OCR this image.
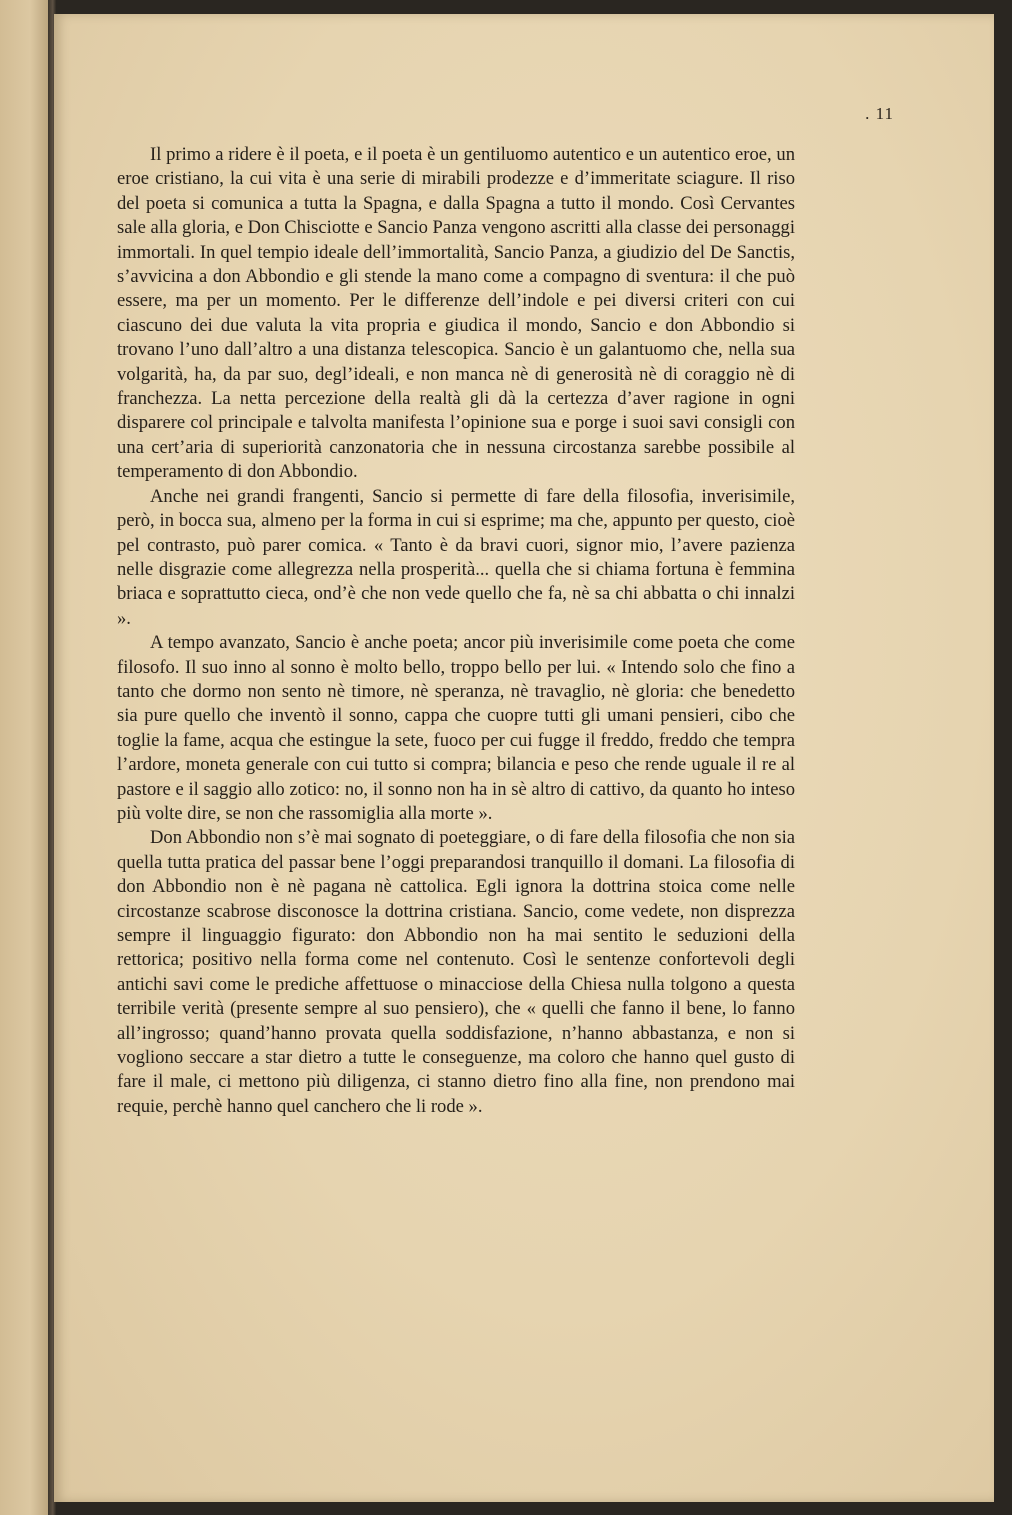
. 11

Il primo a ridere è il poeta, e il poeta è un gentiluomo autentico e un autentico eroe, un eroe cristiano, la cui vita è una serie di mirabili prodezze e d’immeritate sciagure. Il riso del poeta si comunica a tutta la Spagna, e dalla Spagna a tutto il mondo. Così Cervantes sale alla gloria, e Don Chisciotte e Sancio Panza vengono ascritti alla classe dei personaggi immortali. In quel tempio ideale dell’immortalità, Sancio Panza, a giudizio del De Sanctis, s’avvicina a don Abbondio e gli stende la mano come a compagno di sventura: il che può essere, ma per un momento. Per le differenze dell’indole e pei diversi criteri con cui ciascuno dei due valuta la vita propria e giudica il mondo, Sancio e don Abbondio si trovano l’uno dall’altro a una distanza telescopica. Sancio è un galantuomo che, nella sua volgarità, ha, da par suo, degl’ideali, e non manca nè di generosità nè di coraggio nè di franchezza. La netta percezione della realtà gli dà la certezza d’aver ragione in ogni disparere col principale e talvolta manifesta l’opinione sua e porge i suoi savi consigli con una cert’aria di superiorità canzonatoria che in nessuna circostanza sarebbe possibile al temperamento di don Abbondio.

Anche nei grandi frangenti, Sancio si permette di fare della filosofia, inverisimile, però, in bocca sua, almeno per la forma in cui si esprime; ma che, appunto per questo, cioè pel contrasto, può parer comica. « Tanto è da bravi cuori, signor mio, l’avere pazienza nelle disgrazie come allegrezza nella prosperità... quella che si chiama fortuna è femmina briaca e soprattutto cieca, ond’è che non vede quello che fa, nè sa chi abbatta o chi innalzi ».

A tempo avanzato, Sancio è anche poeta; ancor più inverisimile come poeta che come filosofo. Il suo inno al sonno è molto bello, troppo bello per lui. « Intendo solo che fino a tanto che dormo non sento nè timore, nè speranza, nè travaglio, nè gloria: che benedetto sia pure quello che inventò il sonno, cappa che cuopre tutti gli umani pensieri, cibo che toglie la fame, acqua che estingue la sete, fuoco per cui fugge il freddo, freddo che tempra l’ardore, moneta generale con cui tutto si compra; bilancia e peso che rende uguale il re al pastore e il saggio allo zotico: no, il sonno non ha in sè altro di cattivo, da quanto ho inteso più volte dire, se non che rassomiglia alla morte ».

Don Abbondio non s’è mai sognato di poeteggiare, o di fare della filosofia che non sia quella tutta pratica del passar bene l’oggi preparandosi tranquillo il domani. La filosofia di don Abbondio non è nè pagana nè cattolica. Egli ignora la dottrina stoica come nelle circostanze scabrose disconosce la dottrina cristiana. Sancio, come vedete, non disprezza sempre il linguaggio figurato: don Abbondio non ha mai sentito le seduzioni della rettorica; positivo nella forma come nel contenuto. Così le sentenze confortevoli degli antichi savi come le prediche affettuose o minacciose della Chiesa nulla tolgono a questa terribile verità (presente sempre al suo pensiero), che « quelli che fanno il bene, lo fanno all’ingrosso; quand’hanno provata quella soddisfazione, n’hanno abbastanza, e non si vogliono seccare a star dietro a tutte le conseguenze, ma coloro che hanno quel gusto di fare il male, ci mettono più diligenza, ci stanno dietro fino alla fine, non prendono mai requie, perchè hanno quel canchero che li rode ».
